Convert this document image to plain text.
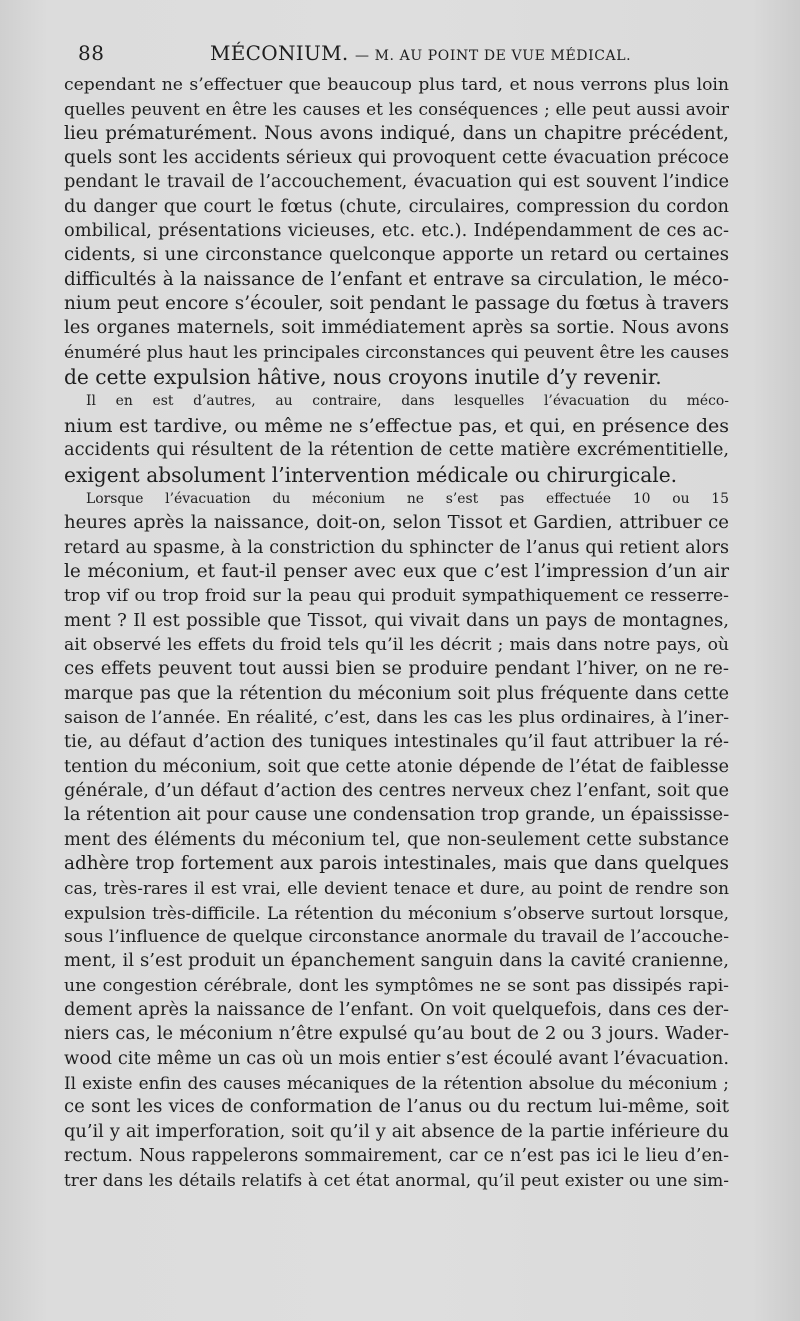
88	MÉCONIUM. — M. AU POINT DE VUE MÉDICAL.
cependant ne s’effectuer que beaucoup plus tard, et nous verrons plus loin
quelles peuvent en être les causes et les conséquences ; elle peut aussi avoir
lieu prématurément. Nous avons indiqué, dans un chapitre précédent,
quels sont les accidents sérieux qui provoquent cette évacuation précoce
pendant le travail de l’accouchement, évacuation qui est souvent l’indice
du danger que court le fœtus (chute, circulaires, compression du cordon
ombilical, présentations vicieuses, etc. etc.). Indépendamment de ces ac-
cidents, si une circonstance quelconque apporte un retard ou certaines
difficultés à la naissance de l’enfant et entrave sa circulation, le méco-
nium peut encore s’écouler, soit pendant le passage du fœtus à travers
les organes maternels, soit immédiatement après sa sortie. Nous avons
énuméré plus haut les principales circonstances qui peuvent être les causes
de cette expulsion hâtive, nous croyons inutile d’y revenir.
Il en est d’autres, au contraire, dans lesquelles l’évacuation du méco-
nium est tardive, ou même ne s’effectue pas, et qui, en présence des
accidents qui résultent de la rétention de cette matière excrémentitielle,
exigent absolument l’intervention médicale ou chirurgicale.
Lorsque l’évacuation du méconium ne s’est pas effectuée 10 ou 15
heures après la naissance, doit-on, selon Tissot et Gardien, attribuer ce
retard au spasme, à la constriction du sphincter de l’anus qui retient alors
le méconium, et faut-il penser avec eux que c’est l’impression d’un air
trop vif ou trop froid sur la peau qui produit sympathiquement ce resserre-
ment ? Il est possible que Tissot, qui vivait dans un pays de montagnes,
ait observé les effets du froid tels qu’il les décrit ; mais dans notre pays, où
ces effets peuvent tout aussi bien se produire pendant l’hiver, on ne re-
marque pas que la rétention du méconium soit plus fréquente dans cette
saison de l’année. En réalité, c’est, dans les cas les plus ordinaires, à l’iner-
tie, au défaut d’action des tuniques intestinales qu’il faut attribuer la ré-
tention du méconium, soit que cette atonie dépende de l’état de faiblesse
générale, d’un défaut d’action des centres nerveux chez l’enfant, soit que
la rétention ait pour cause une condensation trop grande, un épaississe-
ment des éléments du méconium tel, que non-seulement cette substance
adhère trop fortement aux parois intestinales, mais que dans quelques
cas, très-rares il est vrai, elle devient tenace et dure, au point de rendre son
expulsion très-difficile. La rétention du méconium s’observe surtout lorsque,
sous l’influence de quelque circonstance anormale du travail de l’accouche-
ment, il s’est produit un épanchement sanguin dans la cavité cranienne,
une congestion cérébrale, dont les symptômes ne se sont pas dissipés rapi-
dement après la naissance de l’enfant. On voit quelquefois, dans ces der-
niers cas, le méconium n’être expulsé qu’au bout de 2 ou 3 jours. Wader-
wood cite même un cas où un mois entier s’est écoulé avant l’évacuation.
Il existe enfin des causes mécaniques de la rétention absolue du méconium ;
ce sont les vices de conformation de l’anus ou du rectum lui-même, soit
qu’il y ait imperforation, soit qu’il y ait absence de la partie inférieure du
rectum. Nous rappelerons sommairement, car ce n’est pas ici le lieu d’en-
trer dans les détails relatifs à cet état anormal, qu’il peut exister ou une sim-
